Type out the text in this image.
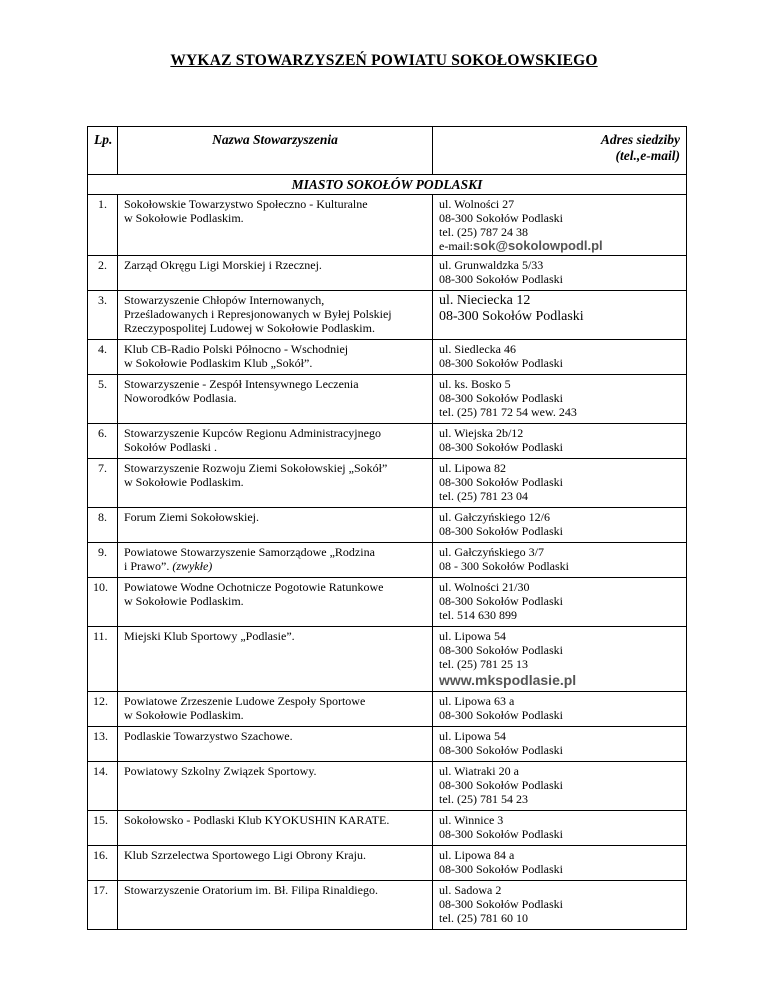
WYKAZ STOWARZYSZEŃ POWIATU SOKOŁOWSKIEGO
Lp.	Nazwa Stowarzyszenia	Adres siedziby
(tel.,e-mail)

MIASTO SOKOŁÓW PODLASKI		
1.	Sokołowskie Towarzystwo Społeczno - Kulturalne
w Sokołowie Podlaskim.	ul. Wolności 27
08-300 Sokołów Podlaski
tel. (25) 787 24 38
e-mail:sok@sokolowpodl.pl

2.	Zarząd Okręgu Ligi Morskiej i Rzecznej.	ul. Grunwaldzka 5/33
08-300 Sokołów Podlaski

3.	Stowarzyszenie Chłopów Internowanych,
Prześladowanych i Represjonowanych w Byłej Polskiej
Rzeczypospolitej Ludowej w Sokołowie Podlaskim.	ul. Nieciecka 12
08-300 Sokołów Podlaski

4.	Klub CB-Radio Polski Północno - Wschodniej
w Sokołowie Podlaskim Klub „Sokół”.	ul. Siedlecka 46
08-300 Sokołów Podlaski

5.	Stowarzyszenie - Zespół Intensywnego Leczenia
Noworodków Podlasia.	ul. ks. Bosko 5
08-300 Sokołów Podlaski
tel. (25) 781 72 54 wew. 243

6.	Stowarzyszenie Kupców Regionu Administracyjnego
Sokołów Podlaski .	ul. Wiejska 2b/12
08-300 Sokołów Podlaski

7.	Stowarzyszenie Rozwoju Ziemi Sokołowskiej „Sokół”
w Sokołowie Podlaskim.	ul. Lipowa 82
08-300 Sokołów Podlaski
tel. (25) 781 23 04

8.	Forum Ziemi Sokołowskiej.	ul. Gałczyńskiego 12/6
08-300 Sokołów Podlaski

9.	Powiatowe Stowarzyszenie Samorządowe „Rodzina
i Prawo”. (zwykłe)	ul. Gałczyńskiego 3/7
08 - 300 Sokołów Podlaski

10.	Powiatowe Wodne Ochotnicze Pogotowie Ratunkowe
w Sokołowie Podlaskim.	ul. Wolności 21/30
08-300 Sokołów Podlaski
tel. 514 630 899

11.	Miejski Klub Sportowy „Podlasie”.	ul. Lipowa 54
08-300 Sokołów Podlaski
tel. (25) 781 25 13
www.mkspodlasie.pl

12.	Powiatowe Zrzeszenie Ludowe Zespoły Sportowe
w Sokołowie Podlaskim.	ul. Lipowa 63 a
08-300 Sokołów Podlaski

13.	Podlaskie Towarzystwo Szachowe.	ul. Lipowa 54
08-300 Sokołów Podlaski

14.	Powiatowy Szkolny Związek Sportowy.	ul. Wiatraki 20 a
08-300 Sokołów Podlaski
tel. (25) 781 54 23

15.	Sokołowsko - Podlaski Klub KYOKUSHIN KARATE.	ul. Winnice 3
08-300 Sokołów Podlaski

16.	Klub Szrzelectwa Sportowego Ligi Obrony Kraju.	ul. Lipowa 84 a
08-300 Sokołów Podlaski

17.	Stowarzyszenie Oratorium im. Bł. Filipa Rinaldiego.	ul. Sadowa 2
08-300 Sokołów Podlaski
tel. (25) 781 60 10
